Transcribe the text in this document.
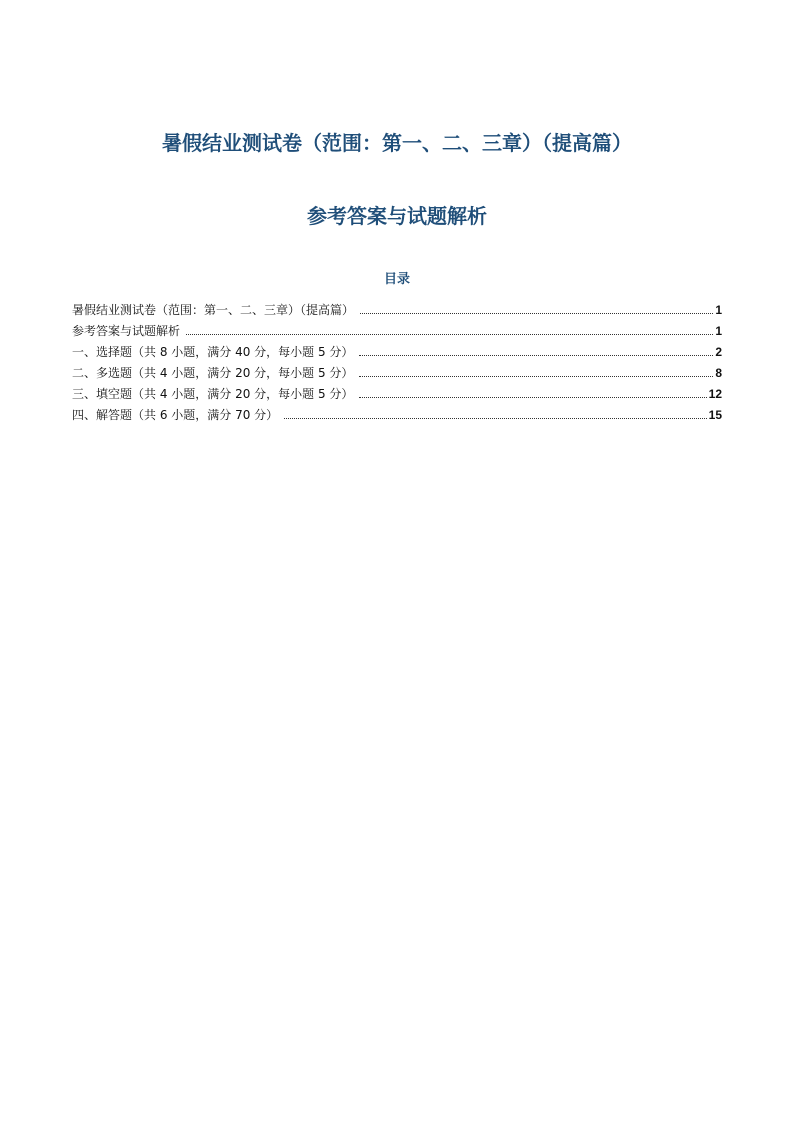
暑假结业测试卷（范围：第一、二、三章）（提高篇）
参考答案与试题解析
目录
暑假结业测试卷（范围：第一、二、三章）（提高篇）	1
参考答案与试题解析	1
一、选择题（共 8 小题，满分 40 分，每小题 5 分）	2
二、多选题（共 4 小题，满分 20 分，每小题 5 分）	8
三、填空题（共 4 小题，满分 20 分，每小题 5 分）	12
四、解答题（共 6 小题，满分 70 分）	15
